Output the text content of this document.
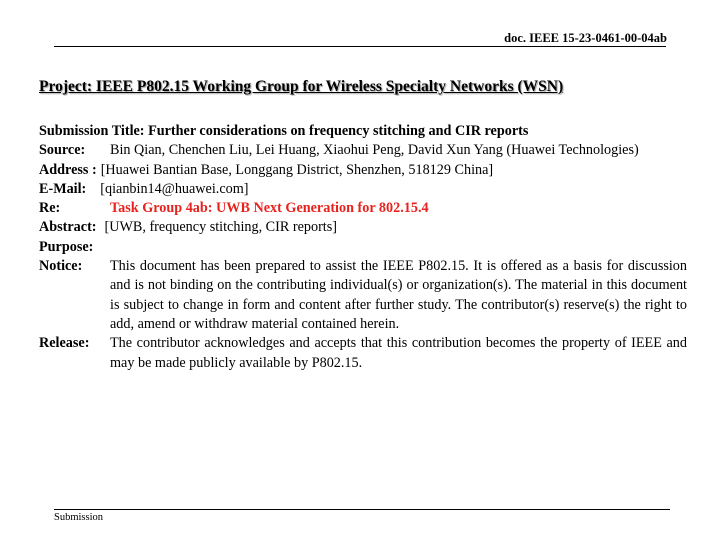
doc. IEEE 15-23-0461-00-04ab
Project: IEEE P802.15 Working Group for Wireless Specialty Networks (WSN)
Submission Title: Further considerations on frequency stitching and CIR reports
Source:	Bin Qian, Chenchen Liu, Lei Huang, Xiaohui Peng, David Xun Yang (Huawei Technologies)
Address : [Huawei Bantian Base, Longgang District, Shenzhen, 518129 China]
E-Mail: [qianbin14@huawei.com]
Re:	Task Group 4ab: UWB Next Generation for 802.15.4
Abstract: [UWB, frequency stitching, CIR reports]
Purpose:
Notice:	This document has been prepared to assist the IEEE P802.15. It is offered as a basis for discussion and is not binding on the contributing individual(s) or organization(s). The material in this document is subject to change in form and content after further study. The contributor(s) reserve(s) the right to add, amend or withdraw material contained herein.
Release:	The contributor acknowledges and accepts that this contribution becomes the property of IEEE and may be made publicly available by P802.15.
Submission
